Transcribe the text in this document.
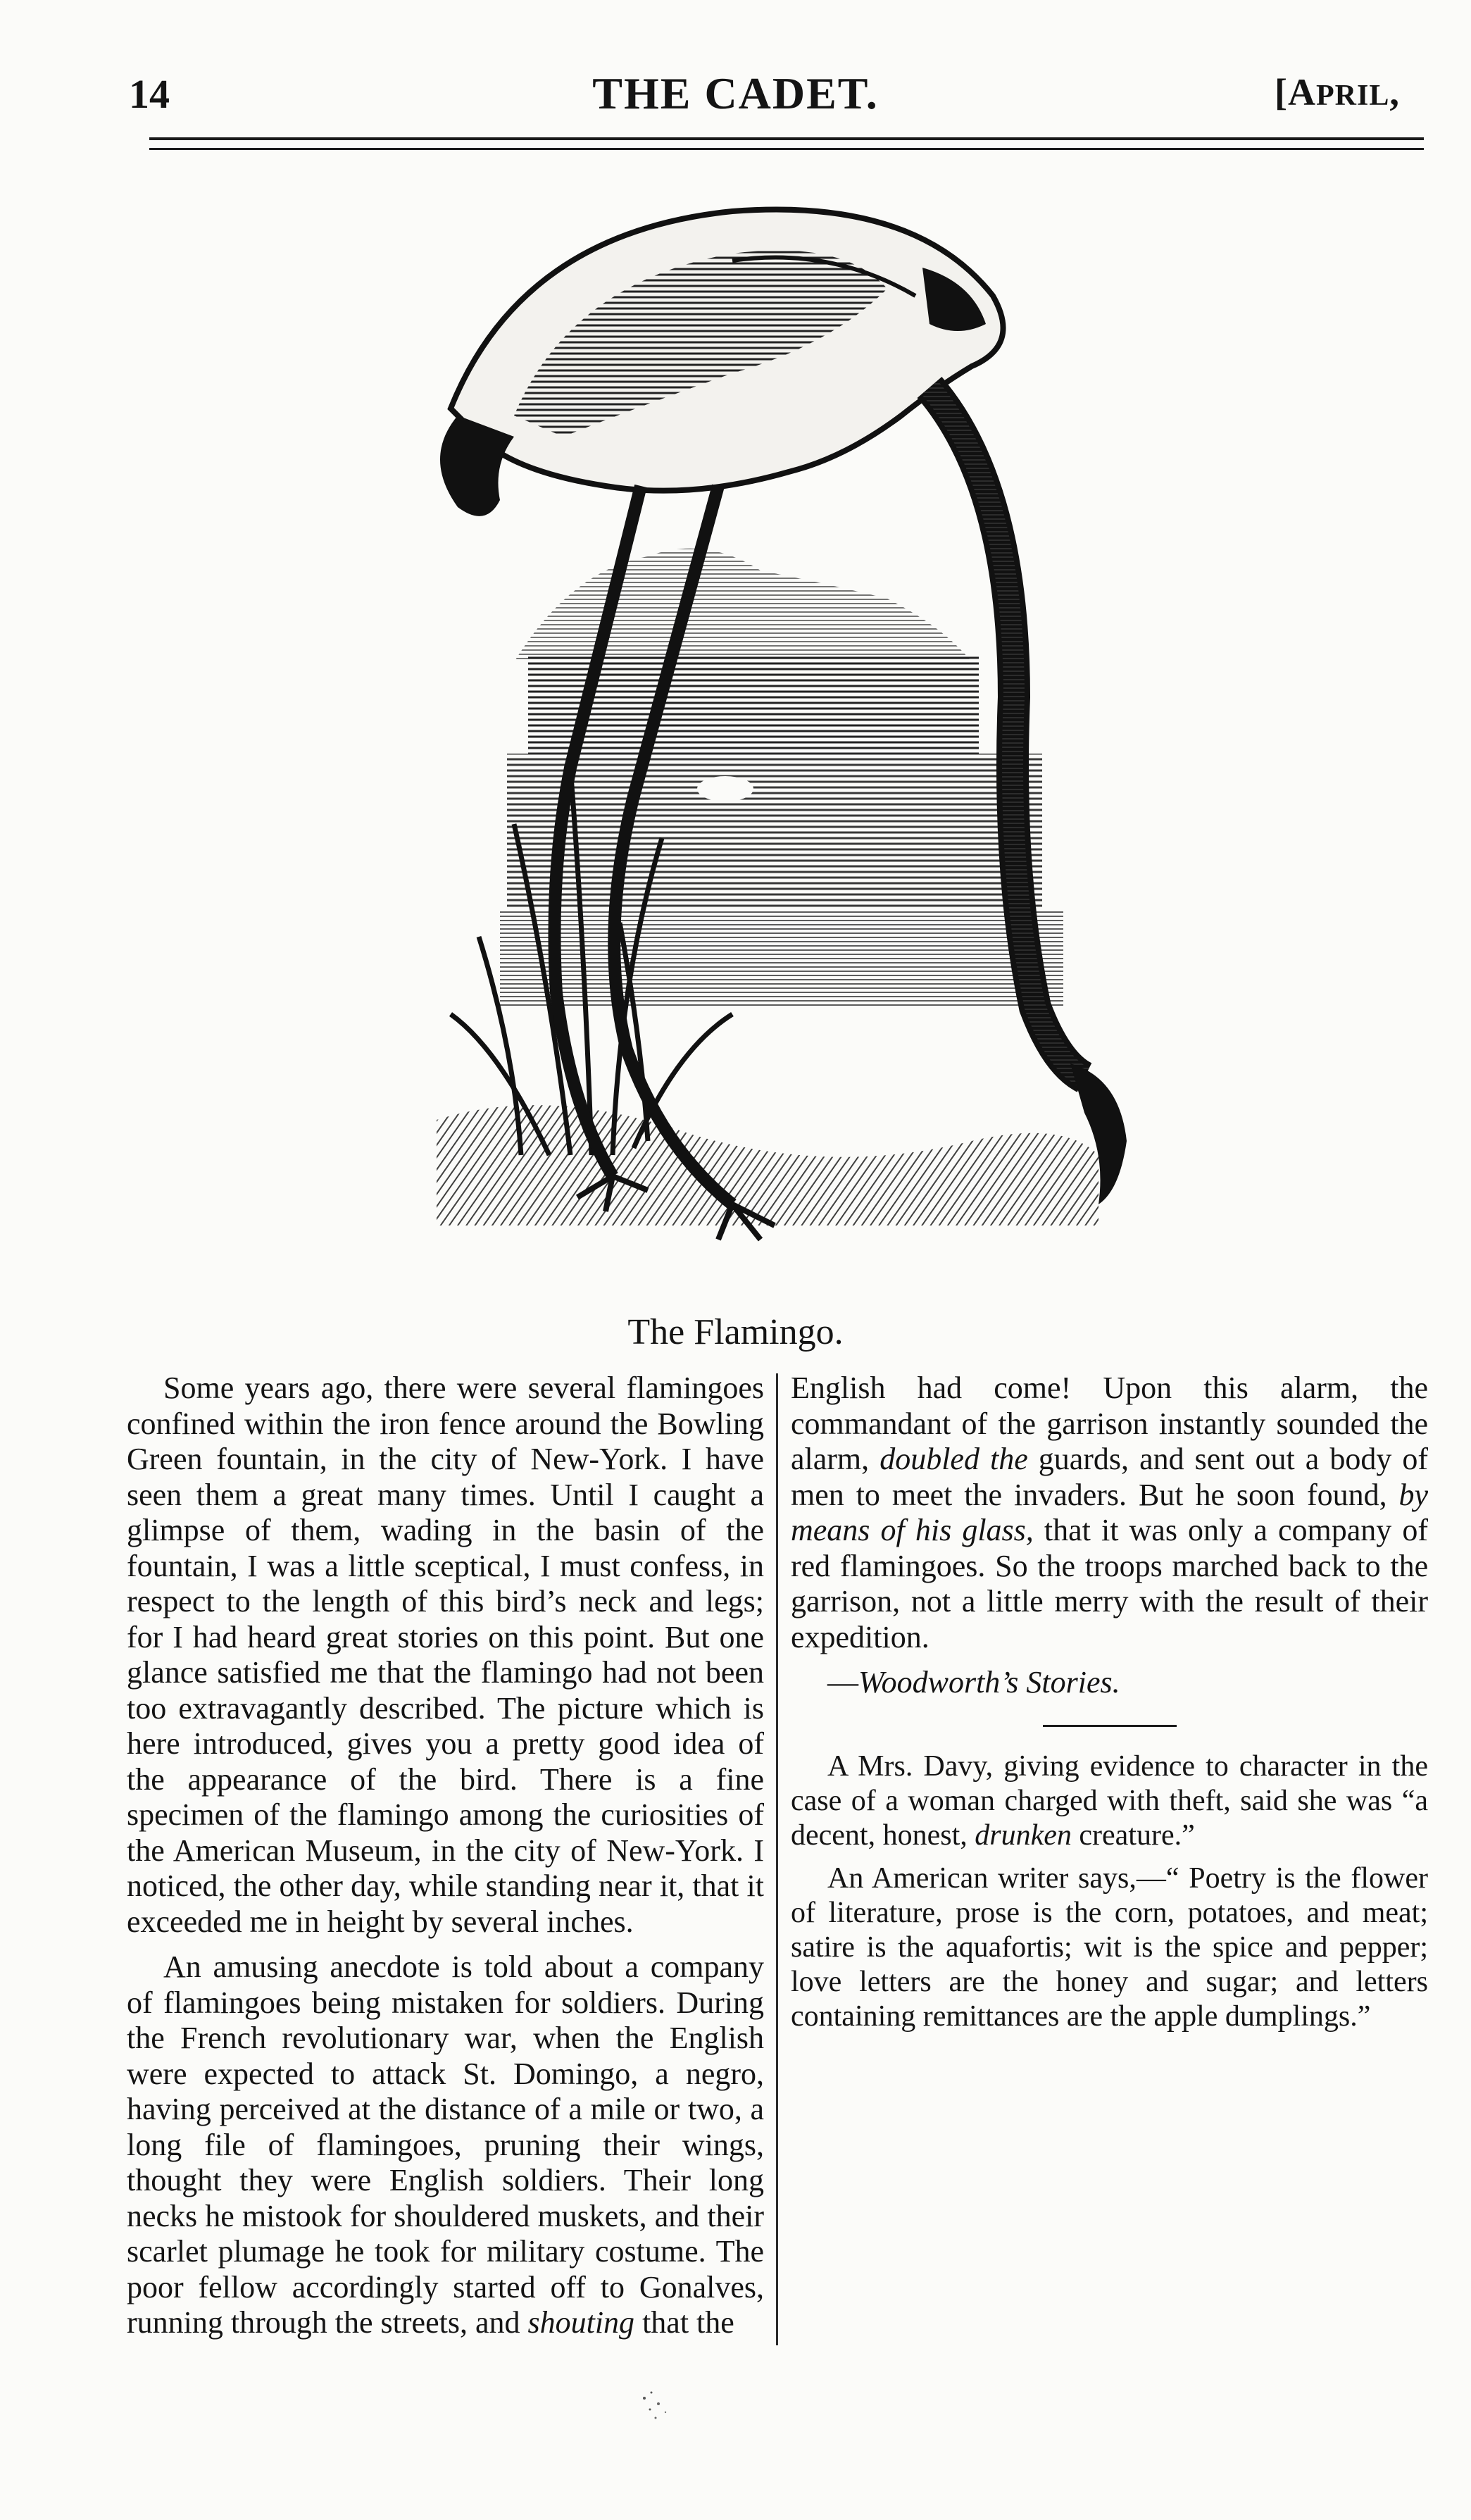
14	THE CADET.	[APRIL,
The Flamingo.

Some years ago, there were several flamingoes confined within the iron fence around the Bowling Green fountain, in the city of New-York. I have seen them a great many times. Until I caught a glimpse of them, wading in the basin of the fountain, I was a little sceptical, I must confess, in respect to the length of this bird’s neck and legs; for I had heard great stories on this point. But one glance satisfied me that the flamingo had not been too extravagantly described. The picture which is here introduced, gives you a pretty good idea of the appearance of the bird. There is a fine specimen of the flamingo among the curiosities of the American Museum, in the city of New-York. I noticed, the other day, while standing near it, that it exceeded me in height by several inches.

An amusing anecdote is told about a company of flamingoes being mistaken for soldiers. During the French revolutionary war, when the English were expected to attack St. Domingo, a negro, having perceived at the distance of a mile or two, a long file of flamingoes, pruning their wings, thought they were English soldiers. Their long necks he mistook for shouldered muskets, and their scarlet plumage he took for military costume. The poor fellow accordingly started off to Gonalves, running through the streets, and shouting that the

English had come! Upon this alarm, the commandant of the garrison instantly sounded the alarm, doubled the guards, and sent out a body of men to meet the invaders. But he soon found, by means of his glass, that it was only a company of red flamingoes. So the troops marched back to the garrison, not a little merry with the result of their expedition.

—Woodworth’s Stories.

A Mrs. Davy, giving evidence to character in the case of a woman charged with theft, said she was “a decent, honest, drunken creature.”

An American writer says,—“ Poetry is the flower of literature, prose is the corn, potatoes, and meat; satire is the aquafortis; wit is the spice and pepper; love letters are the honey and sugar; and letters containing remittances are the apple dumplings.”
